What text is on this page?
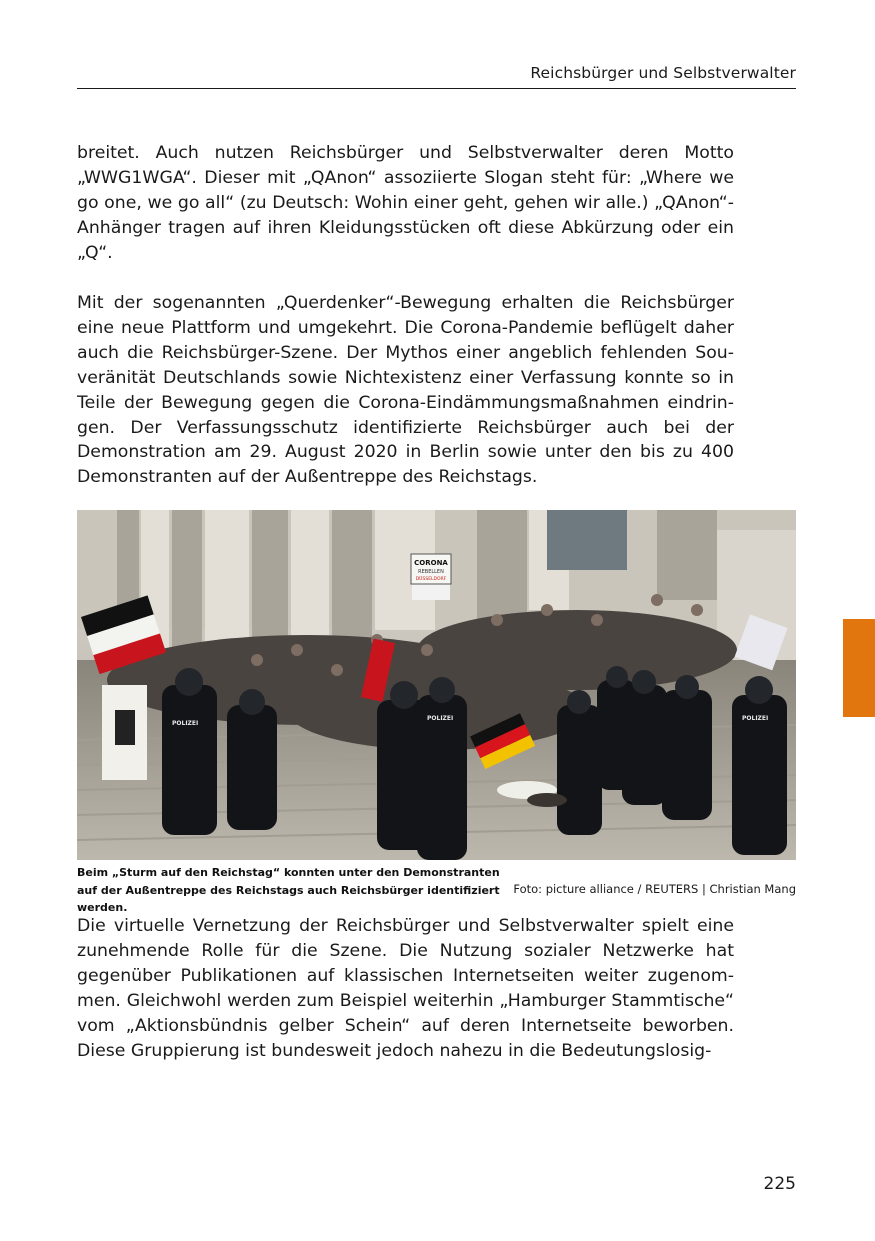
Reichsbürger und Selbstverwalter

breitet. Auch nutzen Reichsbürger und Selbstverwalter deren Motto „WWG1WGA“. Dieser mit „QAnon“ assoziierte Slogan steht für: „Where we go one, we go all“ (zu Deutsch: Wohin einer geht, gehen wir alle.) „QAnon“-Anhänger tragen auf ihren Kleidungsstücken oft diese Abkürzung oder ein „Q“.

Mit der sogenannten „Querdenker“-Bewegung erhalten die Reichsbürger eine neue Plattform und umgekehrt. Die Corona-Pandemie beflügelt daher auch die Reichsbürger-Szene. Der Mythos einer angeblich fehlenden Sou-veränität Deutschlands sowie Nichtexistenz einer Verfassung konnte so in Teile der Bewegung gegen die Corona-Eindämmungsmaßnahmen eindrin-gen. Der Verfassungsschutz identifizierte Reichsbürger auch bei der Demonstration am 29. August 2020 in Berlin sowie unter den bis zu 400 Demonstranten auf der Außentreppe des Reichstags.

CORONA
REBELLEN
DÜSSELDORF
POLIZEI
POLIZEI	POLIZEI
Beim „Sturm auf den Reichstag“ konnten unter den Demonstranten auf der Außentreppe des Reichstags auch Reichsbürger identifiziert werden.
Foto: picture alliance / REUTERS | Christian Mang

Die virtuelle Vernetzung der Reichsbürger und Selbstverwalter spielt eine zunehmende Rolle für die Szene. Die Nutzung sozialer Netzwerke hat gegenüber Publikationen auf klassischen Internetseiten weiter zugenom-men. Gleichwohl werden zum Beispiel weiterhin „Hamburger Stammtische“ vom „Aktionsbündnis gelber Schein“ auf deren Internetseite beworben. Diese Gruppierung ist bundesweit jedoch nahezu in die Bedeutungslosig-

225
